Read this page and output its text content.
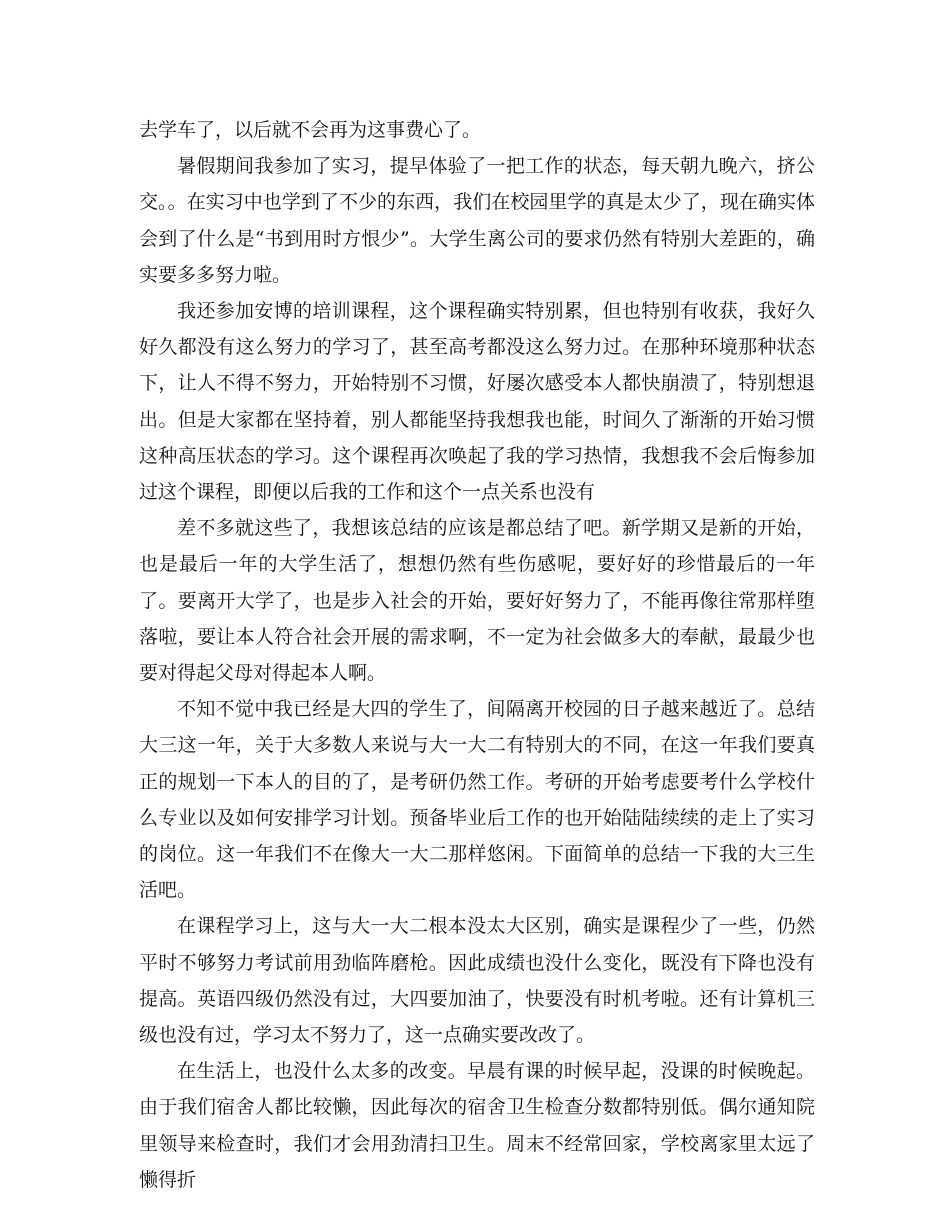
去学车了，以后就不会再为这事费心了。

暑假期间我参加了实习，提早体验了一把工作的状态，每天朝九晚六，挤公交。。在实习中也学到了不少的东西，我们在校园里学的真是太少了，现在确实体会到了什么是“书到用时方恨少”。大学生离公司的要求仍然有特别大差距的，确实要多多努力啦。

我还参加安博的培训课程，这个课程确实特别累，但也特别有收获，我好久好久都没有这么努力的学习了，甚至高考都没这么努力过。在那种环境那种状态下，让人不得不努力，开始特别不习惯，好屡次感受本人都快崩溃了，特别想退出。但是大家都在坚持着，别人都能坚持我想我也能，时间久了渐渐的开始习惯这种高压状态的学习。这个课程再次唤起了我的学习热情，我想我不会后悔参加过这个课程，即便以后我的工作和这个一点关系也没有

差不多就这些了，我想该总结的应该是都总结了吧。新学期又是新的开始，也是最后一年的大学生活了，想想仍然有些伤感呢，要好好的珍惜最后的一年了。要离开大学了，也是步入社会的开始，要好好努力了，不能再像往常那样堕落啦，要让本人符合社会开展的需求啊，不一定为社会做多大的奉献，最最少也要对得起父母对得起本人啊。

不知不觉中我已经是大四的学生了，间隔离开校园的日子越来越近了。总结大三这一年，关于大多数人来说与大一大二有特别大的不同，在这一年我们要真正的规划一下本人的目的了，是考研仍然工作。考研的开始考虑要考什么学校什么专业以及如何安排学习计划。预备毕业后工作的也开始陆陆续续的走上了实习的岗位。这一年我们不在像大一大二那样悠闲。下面简单的总结一下我的大三生活吧。

在课程学习上，这与大一大二根本没太大区别，确实是课程少了一些，仍然平时不够努力考试前用劲临阵磨枪。因此成绩也没什么变化，既没有下降也没有提高。英语四级仍然没有过，大四要加油了，快要没有时机考啦。还有计算机三级也没有过，学习太不努力了，这一点确实要改改了。

在生活上，也没什么太多的改变。早晨有课的时候早起，没课的时候晚起。由于我们宿舍人都比较懒，因此每次的宿舍卫生检查分数都特别低。偶尔通知院里领导来检查时，我们才会用劲清扫卫生。周末不经常回家，学校离家里太远了懒得折
